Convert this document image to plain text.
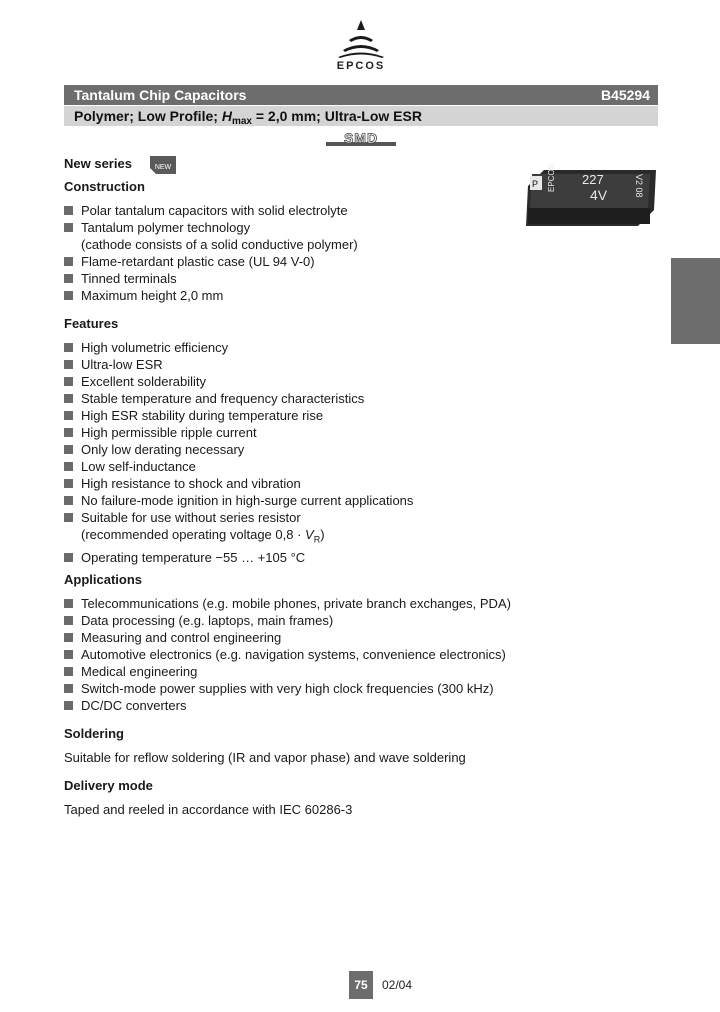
EPCOS
Tantalum Chip Capacitors	B45294
Polymer; Low Profile; $H_{max} = 2,0$ mm; Ultra-Low ESR
SMD
New series	NEW
P EPCOS 227
4V	V2 08
Construction
Polar tantalum capacitors with solid electrolyte
Tantalum polymer technology
(cathode consists of a solid conductive polymer)
Flame-retardant plastic case (UL 94 V-0)
Tinned terminals
Maximum height 2,0 mm
Features
High volumetric efficiency
Ultra-low ESR
Excellent solderability
Stable temperature and frequency characteristics
High ESR stability during temperature rise
High permissible ripple current
Only low derating necessary
Low self-inductance
High resistance to shock and vibration
No failure-mode ignition in high-surge current applications
Suitable for use without series resistor
(recommended operating voltage $0,8 \cdot V_R$)
Operating temperature −55 … +105 °C
Applications
Telecommunications (e.g. mobile phones, private branch exchanges, PDA)
Data processing (e.g. laptops, main frames)
Measuring and control engineering
Automotive electronics (e.g. navigation systems, convenience electronics)
Medical engineering
Switch-mode power supplies with very high clock frequencies (300 kHz)
DC/DC converters
Soldering

Suitable for reflow soldering (IR and vapor phase) and wave soldering

Delivery mode

Taped and reeled in accordance with IEC 60286-3

75	02/04
